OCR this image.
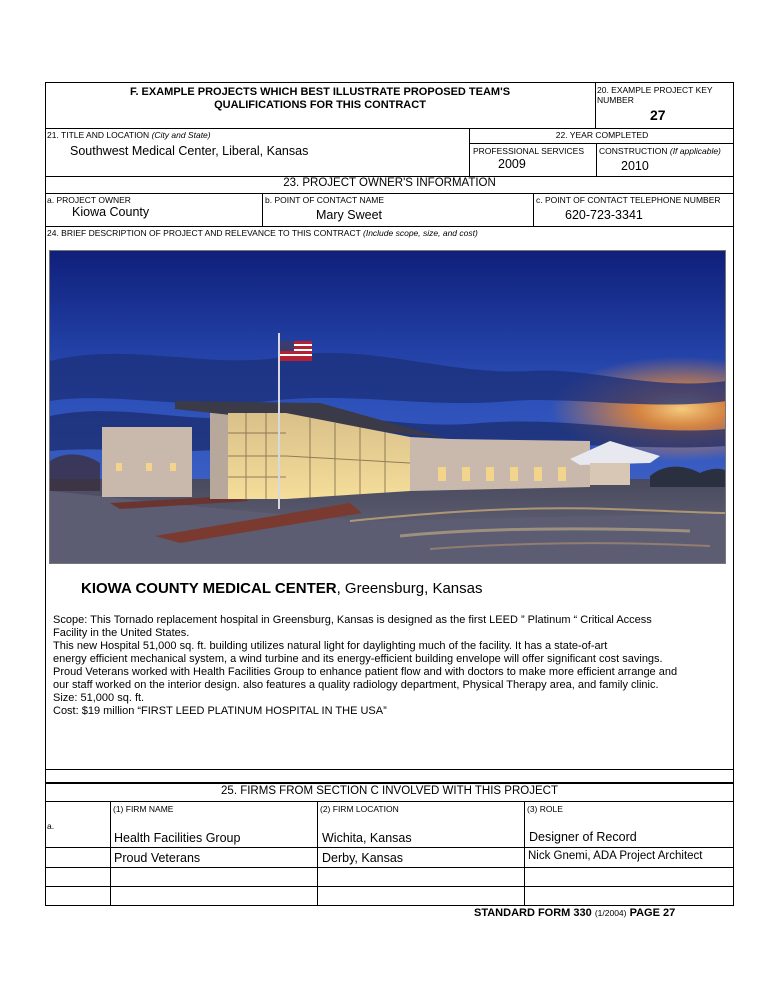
F. EXAMPLE PROJECTS WHICH BEST ILLUSTRATE PROPOSED TEAM'S
QUALIFICATIONS FOR THIS CONTRACT
20. EXAMPLE PROJECT KEY
NUMBER
27
21. TITLE AND LOCATION (City and State)
Southwest Medical Center, Liberal, Kansas
22. YEAR COMPLETED
PROFESSIONAL SERVICES
2009
CONSTRUCTION (If applicable)
2010
23. PROJECT OWNER'S INFORMATION
a. PROJECT OWNER
Kiowa County
b. POINT OF CONTACT NAME
Mary Sweet
c. POINT OF CONTACT TELEPHONE NUMBER
620-723-3341
24. BRIEF DESCRIPTION OF PROJECT AND RELEVANCE TO THIS CONTRACT (Include scope, size, and cost)
KIOWA COUNTY MEDICAL CENTER, Greensburg, Kansas
Scope: This Tornado replacement hospital in Greensburg, Kansas is designed as the first LEED ” Platinum “ Critical Access
Facility in the United States.
This new Hospital 51,000 sq. ft. building utilizes natural light for daylighting much of the facility. It has a state-of-art
energy efficient mechanical system, a wind turbine and its energy-efficient building envelope will offer significant cost savings.
Proud Veterans worked with Health Facilities Group to enhance patient flow and with doctors to make more efficient arrange and
our staff worked on the interior design. also features a quality radiology department, Physical Therapy area, and family clinic.
Size: 51,000 sq. ft.
Cost: $19 million “FIRST LEED PLATINUM HOSPITAL IN THE USA”
25. FIRMS FROM SECTION C INVOLVED WITH THIS PROJECT
(1) FIRM NAME	(2) FIRM LOCATION	(3) ROLE
a.
Health Facilities Group	Wichita, Kansas	Designer of Record
Proud Veterans	Derby, Kansas	Nick Gnemi, ADA Project Architect
STANDARD FORM 330 (1/2004) PAGE 27
